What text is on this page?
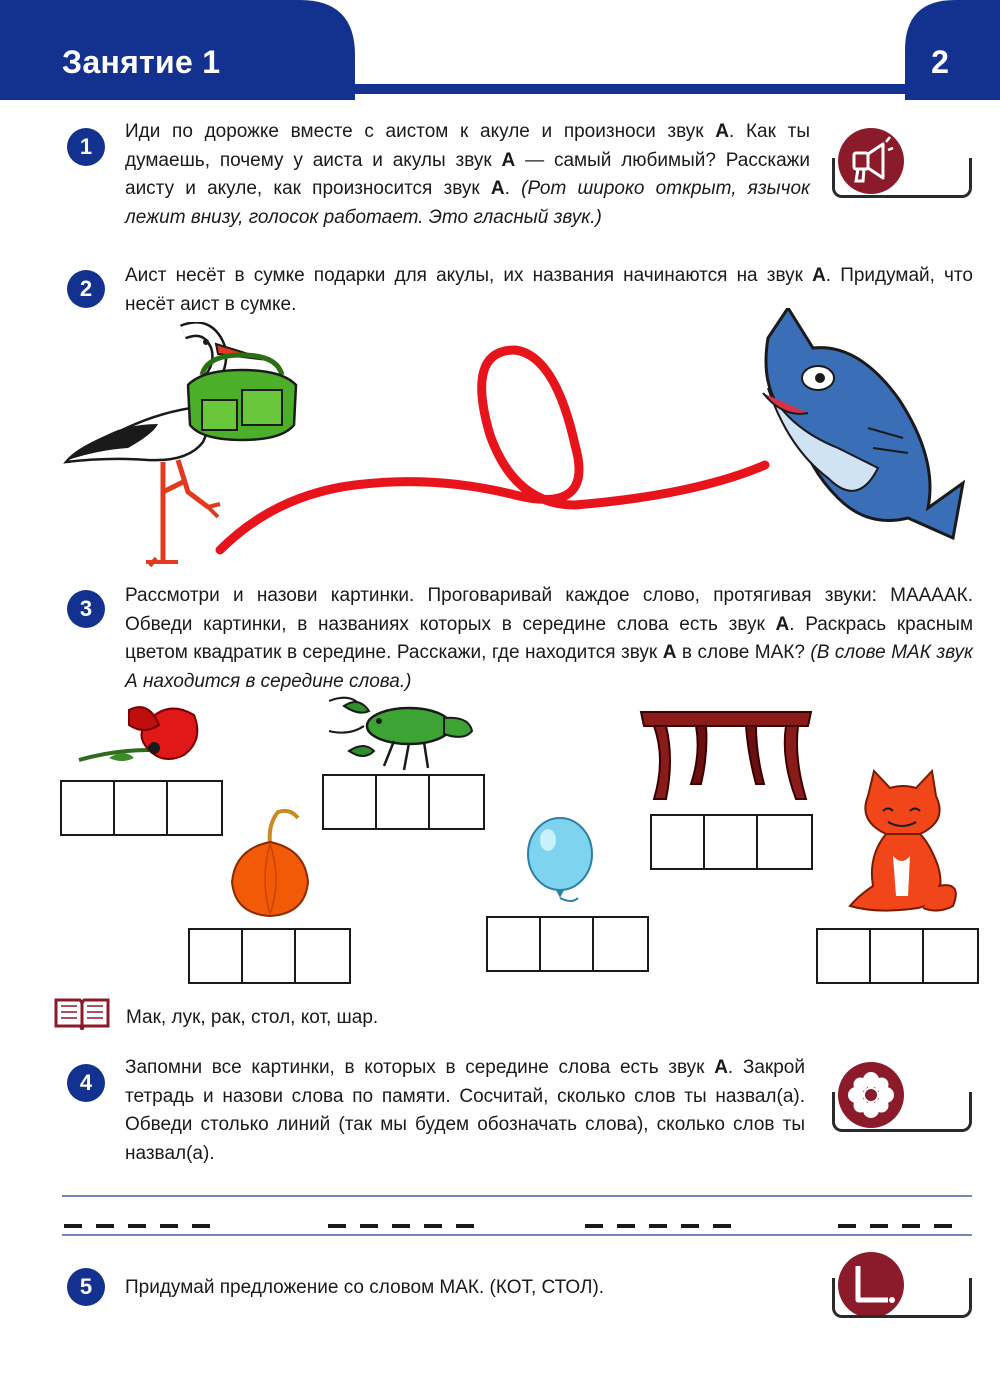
Занятие 1	2
1
Иди по дорожке вместе с аистом к акуле и произноси звук А. Как ты думаешь, почему у аиста и акулы звук А — самый любимый? Расскажи аисту и акуле, как произносится звук А. (Рот широко открыт, язычок лежит внизу, голосок работает. Это гласный звук.)
2
Аист несёт в сумке подарки для акулы, их названия начинаются на звук А. Придумай, что несёт аист в сумке.
3
Рассмотри и назови картинки. Проговаривай каждое слово, протягивая звуки: МААААК. Обведи картинки, в названиях которых в середине слова есть звук А. Раскрась красным цветом квадратик в середине. Расскажи, где находится звук А в слове МАК? (В слове МАК звук А находится в середине слова.)
Мак, лук, рак, стол, кот, шар.
4
Запомни все картинки, в которых в середине слова есть звук А. Закрой тетрадь и назови слова по памяти. Сосчитай, сколько слов ты назвал(а). Обведи столько линий (так мы будем обозначать слова), сколько слов ты назвал(а).
5	Придумай предложение со словом МАК. (КОТ, СТОЛ).
